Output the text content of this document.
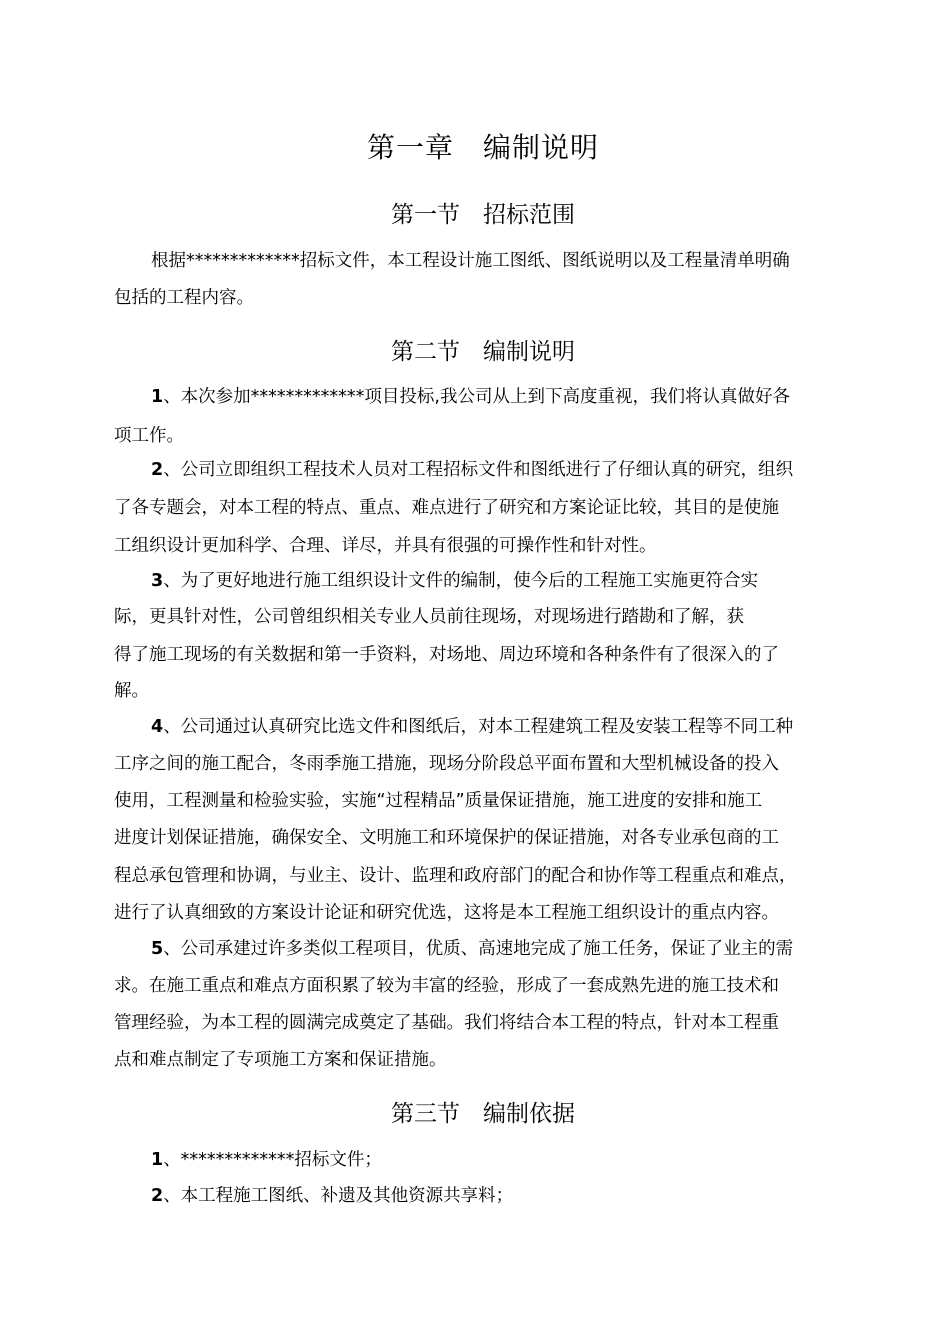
第一章　编制说明
第一节　招标范围
根据*************招标文件，本工程设计施工图纸、图纸说明以及工程量清单明确
包括的工程内容。
第二节　编制说明
1、本次参加*************项目投标,我公司从上到下高度重视，我们将认真做好各
项工作。
2、公司立即组织工程技术人员对工程招标文件和图纸进行了仔细认真的研究，组织
了各专题会，对本工程的特点、重点、难点进行了研究和方案论证比较，其目的是使施
工组织设计更加科学、合理、详尽，并具有很强的可操作性和针对性。
3、为了更好地进行施工组织设计文件的编制，使今后的工程施工实施更符合实
际，更具针对性，公司曾组织相关专业人员前往现场，对现场进行踏勘和了解，获
得了施工现场的有关数据和第一手资料，对场地、周边环境和各种条件有了很深入的了
解。
4、公司通过认真研究比选文件和图纸后，对本工程建筑工程及安装工程等不同工种
工序之间的施工配合，冬雨季施工措施，现场分阶段总平面布置和大型机械设备的投入
使用，工程测量和检验实验，实施“过程精品”质量保证措施，施工进度的安排和施工
进度计划保证措施，确保安全、文明施工和环境保护的保证措施，对各专业承包商的工
程总承包管理和协调，与业主、设计、监理和政府部门的配合和协作等工程重点和难点，
进行了认真细致的方案设计论证和研究优选，这将是本工程施工组织设计的重点内容。
5、公司承建过许多类似工程项目，优质、高速地完成了施工任务，保证了业主的需
求。在施工重点和难点方面积累了较为丰富的经验，形成了一套成熟先进的施工技术和
管理经验，为本工程的圆满完成奠定了基础。我们将结合本工程的特点，针对本工程重
点和难点制定了专项施工方案和保证措施。
第三节　编制依据
1、*************招标文件；
2、本工程施工图纸、补遗及其他资源共享料；
